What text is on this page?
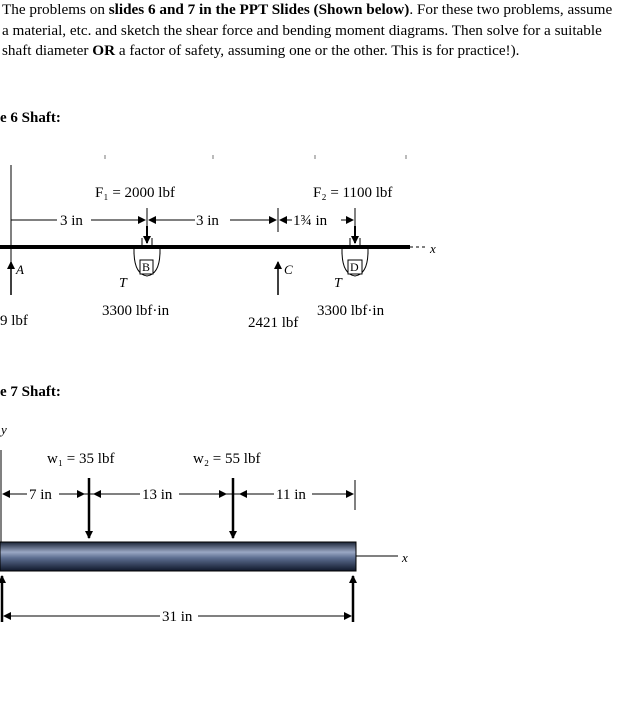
The problems on slides 6 and 7 in the PPT Slides (Shown below). For these two problems, assume a material, etc. and sketch the shear force and bending moment diagrams. Then solve for a suitable shaft diameter OR a factor of safety, assuming one or the other. This is for practice!).

e 6 Shaft:

F₁ = 2000 lbf	F₂ = 1100 lbf
3 in	3 in	1¾ in
x
B
T
3300 lbf·in
D
T
3300 lbf·in
A
9 lbf
C
2421 lbf

e 7 Shaft:

y
w₁ = 35 lbf	w₂ = 55 lbf
7 in	13 in	11 in
x
31 in
